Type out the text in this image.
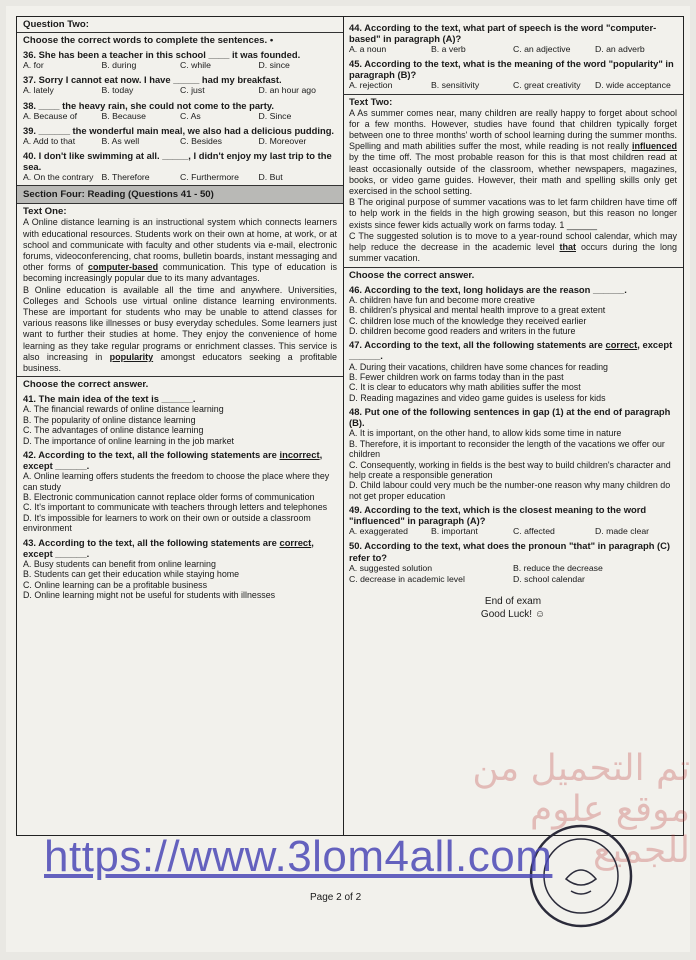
Question Two:
Choose the correct words to complete the sentences. •
36. She has been a teacher in this school ____ it was founded.
A. for	B. during	C. while	D. since
37. Sorry I cannot eat now. I have _____ had my breakfast.
A. lately	B. today	C. just	D. an hour ago
38. ____ the heavy rain, she could not come to the party.
A. Because of	B. Because	C. As	D. Since
39. ______ the wonderful main meal, we also had a delicious pudding.
A. Add to that	B. As well	C. Besides	D. Moreover
40. I don't like swimming at all. _____, I didn't enjoy my last trip to the sea.
A. On the contrary B. Therefore	C. Furthermore	D. But
Section Four: Reading (Questions 41 - 50)
Text One:
A Online distance learning is an instructional system which connects learners with educational resources. Students work on their own at home, at work, or at school and communicate with faculty and other students via e-mail, electronic forums, videoconferencing, chat rooms, bulletin boards, instant messaging and other forms of computer-based communication. This type of education is becoming increasingly popular due to its many advantages.
B Online education is available all the time and anywhere. Universities, Colleges and Schools use virtual online distance learning environments. These are important for students who may be unable to attend classes for various reasons like illnesses or busy everyday schedules. Some learners just want to further their studies at home. They enjoy the convenience of home learning as they take regular programs or enrichment classes. This service is also increasing in popularity amongst educators seeking a profitable business.
Choose the correct answer.
41. The main idea of the text is ______.
A. The financial rewards of online distance learning
B. The popularity of online distance learning
C. The advantages of online distance learning
D. The importance of online learning in the job market
42. According to the text, all the following statements are incorrect, except ______.
A. Online learning offers students the freedom to choose the place where they can study
B. Electronic communication cannot replace older forms of communication
C. It's important to communicate with teachers through letters and telephones
D. It's impossible for learners to work on their own or outside a classroom environment
43. According to the text, all the following statements are correct, except ______.
A. Busy students can benefit from online learning
B. Students can get their education while staying home
C. Online learning can be a profitable business
D. Online learning might not be useful for students with illnesses
44. According to the text, what part of speech is the word "computer-based" in paragraph (A)?
A. a noun	B. a verb	C. an adjective	D. an adverb
45. According to the text, what is the meaning of the word "popularity" in paragraph (B)?
A. rejection	B. sensitivity	C. great creativity	D. wide acceptance
Text Two:
A As summer comes near, many children are really happy to forget about school for a few months. However, studies have found that children typically forget between one to three months' worth of school learning during the summer months. Spelling and math abilities suffer the most, while reading is not really influenced by the time off. The most probable reason for this is that most children read at least occasionally outside of the classroom, whether newspapers, magazines, books, or video game guides. However, their math and spelling skills only get exercised in the school setting.
B The original purpose of summer vacations was to let farm children have time off to help work in the fields in the high growing season, but this reason no longer exists since fewer kids actually work on farms today. 1 ______
C The suggested solution is to move to a year-round school calendar, which may help reduce the decrease in the academic level that occurs during the long summer vacation.
Choose the correct answer.
46. According to the text, long holidays are the reason ______.
A. children have fun and become more creative
B. children's physical and mental health improve to a great extent
C. children lose much of the knowledge they received earlier
D. children become good readers and writers in the future
47. According to the text, all the following statements are correct, except ______.
A. During their vacations, children have some chances for reading
B. Fewer children work on farms today than in the past
C. It is clear to educators why math abilities suffer the most
D. Reading magazines and video game guides is useless for kids
48. Put one of the following sentences in gap (1) at the end of paragraph (B).
A. It is important, on the other hand, to allow kids some time in nature
B. Therefore, it is important to reconsider the length of the vacations we offer our children
C. Consequently, working in fields is the best way to build children's character and help create a responsible generation
D. Child labour could very much be the number-one reason why many children do not get proper education
49. According to the text, which is the closest meaning to the word "influenced" in paragraph (A)?
A. exaggerated	B. important	C. affected	D. made clear
50. According to the text, what does the pronoun "that" in paragraph (C) refer to?
A. suggested solution	B. reduce the decrease
C. decrease in academic level	D. school calendar
End of exam
Good Luck! ☺
تم التحميل من موقع علوم للجميع
https://www.3lom4all.com
Page 2 of 2
